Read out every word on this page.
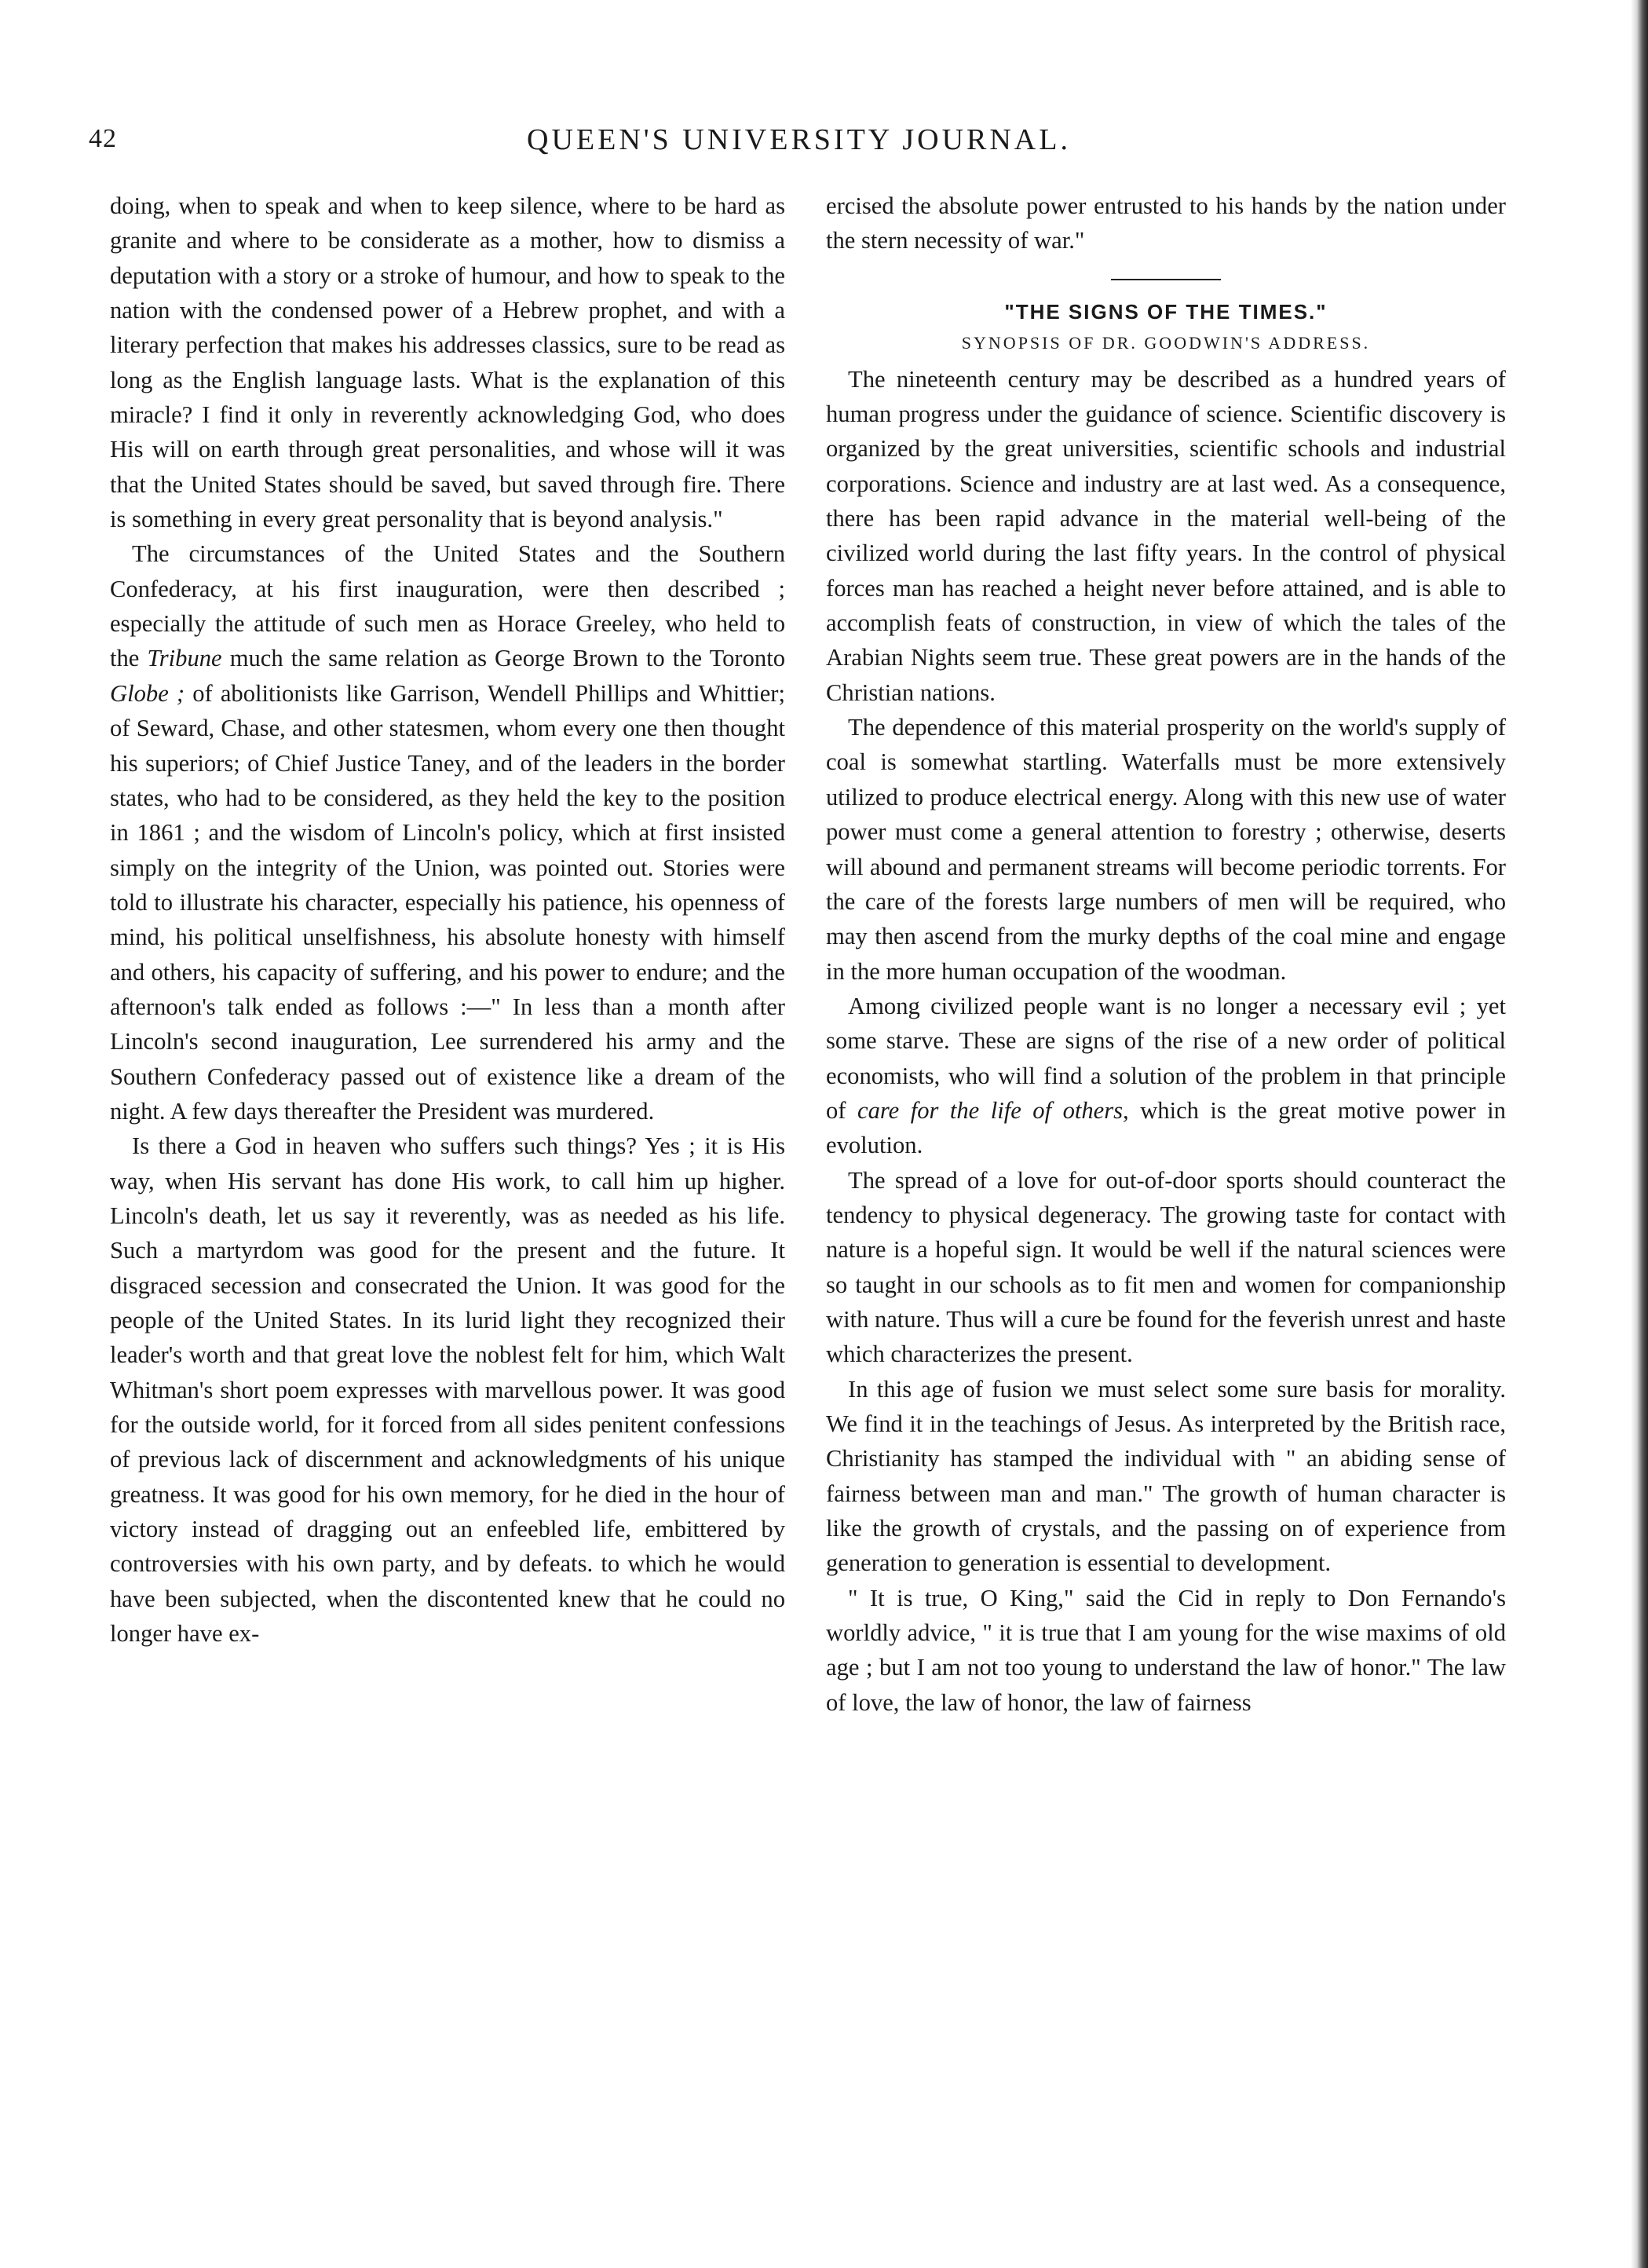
42	QUEEN'S UNIVERSITY JOURNAL.

doing, when to speak and when to keep silence, where to be hard as granite and where to be considerate as a mother, how to dismiss a deputation with a story or a stroke of humour, and how to speak to the nation with the condensed power of a Hebrew prophet, and with a literary perfection that makes his addresses classics, sure to be read as long as the English language lasts. What is the explanation of this miracle? I find it only in reverently acknowledging God, who does His will on earth through great personalities, and whose will it was that the United States should be saved, but saved through fire. There is something in every great personality that is beyond analysis."

The circumstances of the United States and the Southern Confederacy, at his first inauguration, were then described ; especially the attitude of such men as Horace Greeley, who held to the Tribune much the same relation as George Brown to the Toronto Globe ; of abolitionists like Garrison, Wendell Phillips and Whittier; of Seward, Chase, and other statesmen, whom every one then thought his superiors; of Chief Justice Taney, and of the leaders in the border states, who had to be considered, as they held the key to the position in 1861 ; and the wisdom of Lincoln's policy, which at first insisted simply on the integrity of the Union, was pointed out. Stories were told to illustrate his character, especially his patience, his openness of mind, his political unselfishness, his absolute honesty with himself and others, his capacity of suffering, and his power to endure; and the afternoon's talk ended as follows :—" In less than a month after Lincoln's second inauguration, Lee surrendered his army and the Southern Confederacy passed out of existence like a dream of the night. A few days thereafter the President was murdered.

Is there a God in heaven who suffers such things? Yes ; it is His way, when His servant has done His work, to call him up higher. Lincoln's death, let us say it reverently, was as needed as his life. Such a martyrdom was good for the present and the future. It disgraced secession and consecrated the Union. It was good for the people of the United States. In its lurid light they recognized their leader's worth and that great love the noblest felt for him, which Walt Whitman's short poem expresses with marvellous power. It was good for the outside world, for it forced from all sides penitent confessions of previous lack of discernment and acknowledgments of his unique greatness. It was good for his own memory, for he died in the hour of victory instead of dragging out an enfeebled life, embittered by controversies with his own party, and by defeats. to which he would have been subjected, when the discontented knew that he could no longer have ex-

ercised the absolute power entrusted to his hands by the nation under the stern necessity of war."

"THE SIGNS OF THE TIMES."
SYNOPSIS OF DR. GOODWIN'S ADDRESS.

The nineteenth century may be described as a hundred years of human progress under the guidance of science. Scientific discovery is organized by the great universities, scientific schools and industrial corporations. Science and industry are at last wed. As a consequence, there has been rapid advance in the material well-being of the civilized world during the last fifty years. In the control of physical forces man has reached a height never before attained, and is able to accomplish feats of construction, in view of which the tales of the Arabian Nights seem true. These great powers are in the hands of the Christian nations.

The dependence of this material prosperity on the world's supply of coal is somewhat startling. Waterfalls must be more extensively utilized to produce electrical energy. Along with this new use of water power must come a general attention to forestry ; otherwise, deserts will abound and permanent streams will become periodic torrents. For the care of the forests large numbers of men will be required, who may then ascend from the murky depths of the coal mine and engage in the more human occupation of the woodman.

Among civilized people want is no longer a necessary evil ; yet some starve. These are signs of the rise of a new order of political economists, who will find a solution of the problem in that principle of care for the life of others, which is the great motive power in evolution.

The spread of a love for out-of-door sports should counteract the tendency to physical degeneracy. The growing taste for contact with nature is a hopeful sign. It would be well if the natural sciences were so taught in our schools as to fit men and women for companionship with nature. Thus will a cure be found for the feverish unrest and haste which characterizes the present.

In this age of fusion we must select some sure basis for morality. We find it in the teachings of Jesus. As interpreted by the British race, Christianity has stamped the individual with " an abiding sense of fairness between man and man." The growth of human character is like the growth of crystals, and the passing on of experience from generation to generation is essential to development.

" It is true, O King," said the Cid in reply to Don Fernando's worldly advice, " it is true that I am young for the wise maxims of old age ; but I am not too young to understand the law of honor." The law of love, the law of honor, the law of fairness
